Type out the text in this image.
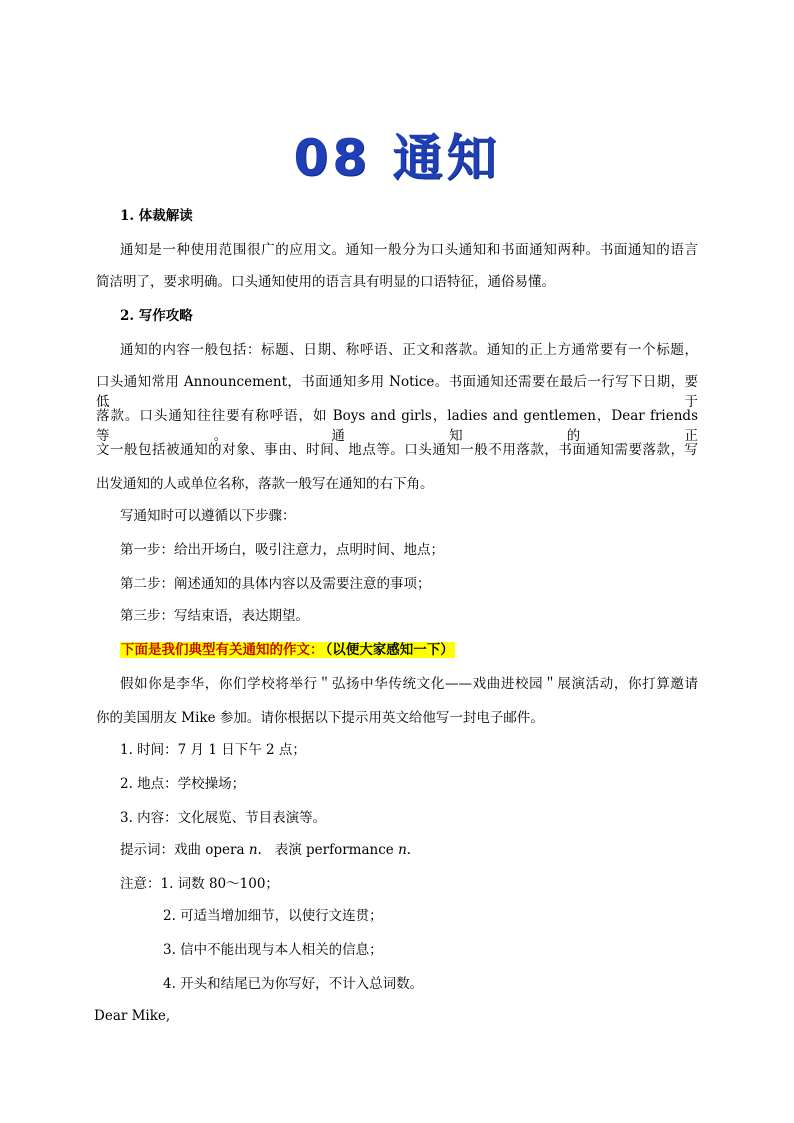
08 通知
1. 体裁解读
通知是一种使用范围很广的应用文。通知一般分为口头通知和书面通知两种。书面通知的语言
简洁明了，要求明确。口头通知使用的语言具有明显的口语特征，通俗易懂。
2. 写作攻略
通知的内容一般包括：标题、日期、称呼语、正文和落款。通知的正上方通常要有一个标题，
口头通知常用 Announcement，书面通知多用 Notice。书面通知还需要在最后一行写下日期，要低于
落款。口头通知往往要有称呼语，如 Boys and girls，ladies and gentlemen，Dear friends 等。通知的正
文一般包括被通知的对象、事由、时间、地点等。口头通知一般不用落款，书面通知需要落款，写
出发通知的人或单位名称，落款一般写在通知的右下角。
写通知时可以遵循以下步骤：
第一步：给出开场白，吸引注意力，点明时间、地点；
第二步：阐述通知的具体内容以及需要注意的事项；
第三步：写结束语，表达期望。
下面是我们典型有关通知的作文： （以便大家感知一下）
假如你是李华，你们学校将举行＂弘扬中华传统文化——戏曲进校园＂展演活动，你打算邀请
你的美国朋友 Mike 参加。请你根据以下提示用英文给他写一封电子邮件。
1. 时间：7 月 1 日下午 2 点；
2. 地点：学校操场；
3. 内容：文化展览、节目表演等。
提示词：戏曲 opera n.   表演 performance n.
注意：1. 词数 80～100；
2. 可适当增加细节，以使行文连贯；
3. 信中不能出现与本人相关的信息；
4. 开头和结尾已为你写好，不计入总词数。
Dear Mike,
